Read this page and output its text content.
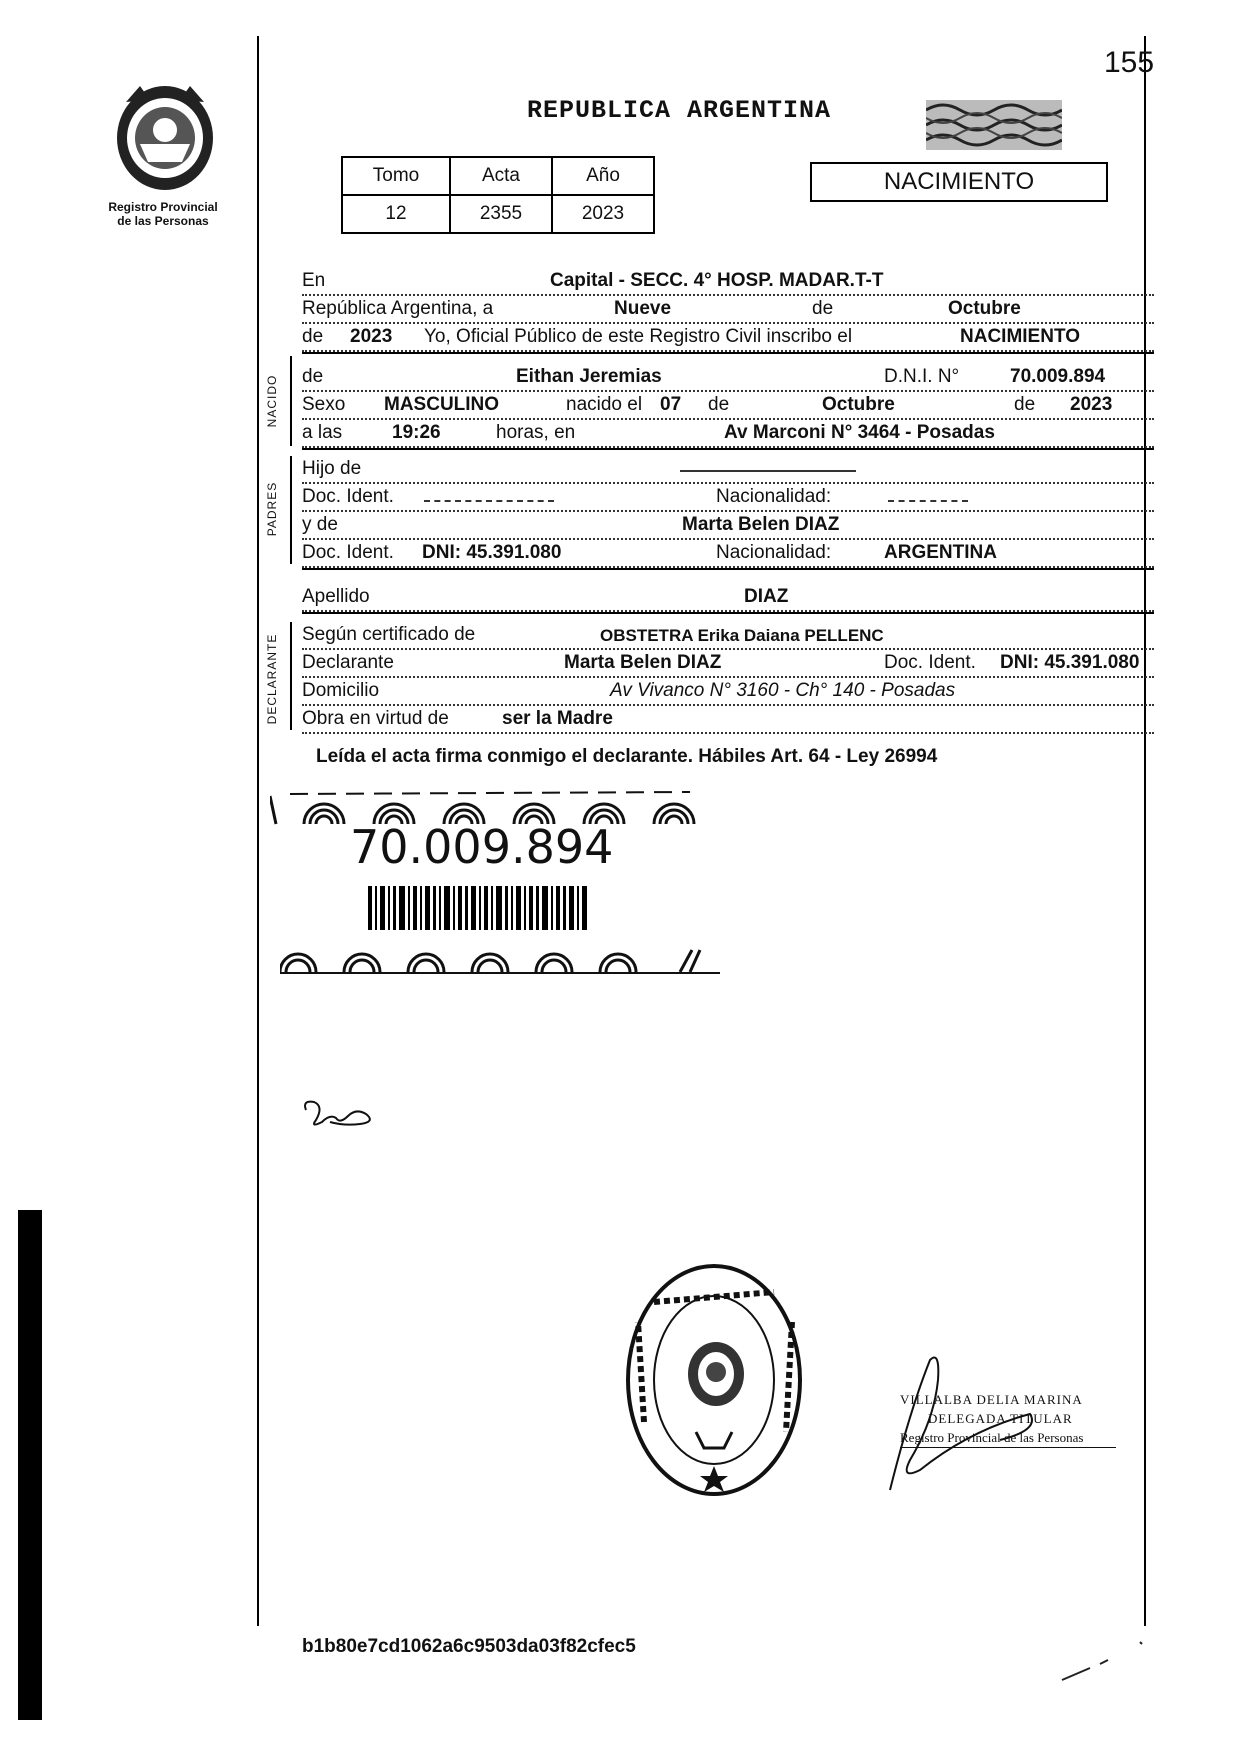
155
Registro Provincial
de las Personas
REPUBLICA ARGENTINA
Tomo	Acta	Año
12	2355	2023
NACIMIENTO
En	Capital - SECC. 4° HOSP. MADAR.T-T
República Argentina, a	Nueve	de	Octubre
de 2023 Yo, Oficial Público de este Registro Civil inscribo el	NACIMIENTO
NACIDO de	Eithan Jeremias	D.N.I. N°	70.009.894
Sexo MASCULINO	nacido el 07 de	Octubre	de 2023
a las	19:26	horas, en	Av Marconi N° 3464 - Posadas
PADRES
Hijo de
Doc. Ident.	Nacionalidad:
y de	Marta Belen DIAZ
Doc. Ident. DNI: 45.391.080	Nacionalidad:	ARGENTINA
Apellido	DIAZ
DECLARANTE Según certificado de	OBSTETRA Erika Daiana PELLENC
Declarante	Marta Belen DIAZ	Doc. Ident. DNI: 45.391.080
Domicilio	Av Vivanco N° 3160 - Ch° 140 - Posadas
Obra en virtud de	ser la Madre
Leída el acta firma conmigo el declarante. Hábiles Art. 64 - Ley 26994
70.009.894
VILLALBA DELIA MARINA
DELEGADA TITULAR
Registro Provincial de las Personas
b1b80e7cd1062a6c9503da03f82cfec5
